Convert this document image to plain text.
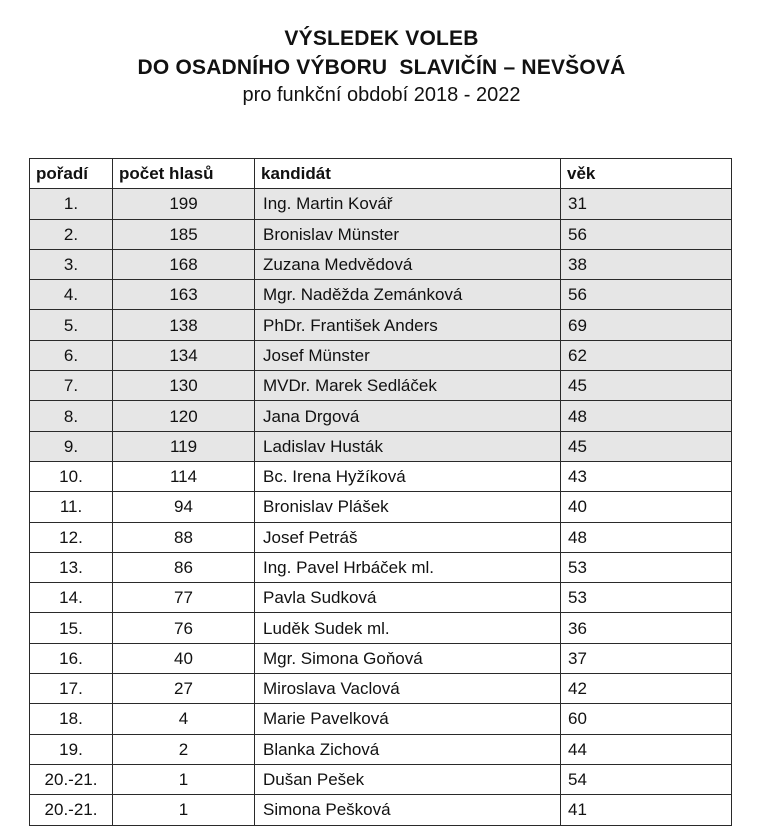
VÝSLEDEK VOLEB
DO OSADNÍHO VÝBORU  SLAVIČÍN – NEVŠOVÁ
pro funkční období 2018 - 2022
pořadí	počet hlasů	kandidát	věk
1.	199	Ing. Martin Kovář	31
2.	185	Bronislav Münster	56
3.	168	Zuzana Medvědová	38
4.	163	Mgr. Naděžda Zemánková	56
5.	138	PhDr. František Anders	69
6.	134	Josef Münster	62
7.	130	MVDr. Marek Sedláček	45
8.	120	Jana Drgová	48
9.	119	Ladislav Husták	45
10.	114	Bc. Irena Hyžíková	43
11.	94	Bronislav Plášek	40
12.	88	Josef Petráš	48
13.	86	Ing. Pavel Hrbáček ml.	53
14.	77	Pavla Sudková	53
15.	76	Luděk Sudek ml.	36
16.	40	Mgr. Simona Goňová	37
17.	27	Miroslava Vaclová	42
18.	4	Marie Pavelková	60
19.	2	Blanka Zichová	44
20.-21.	1	Dušan Pešek	54
20.-21.	1	Simona Pešková	41
